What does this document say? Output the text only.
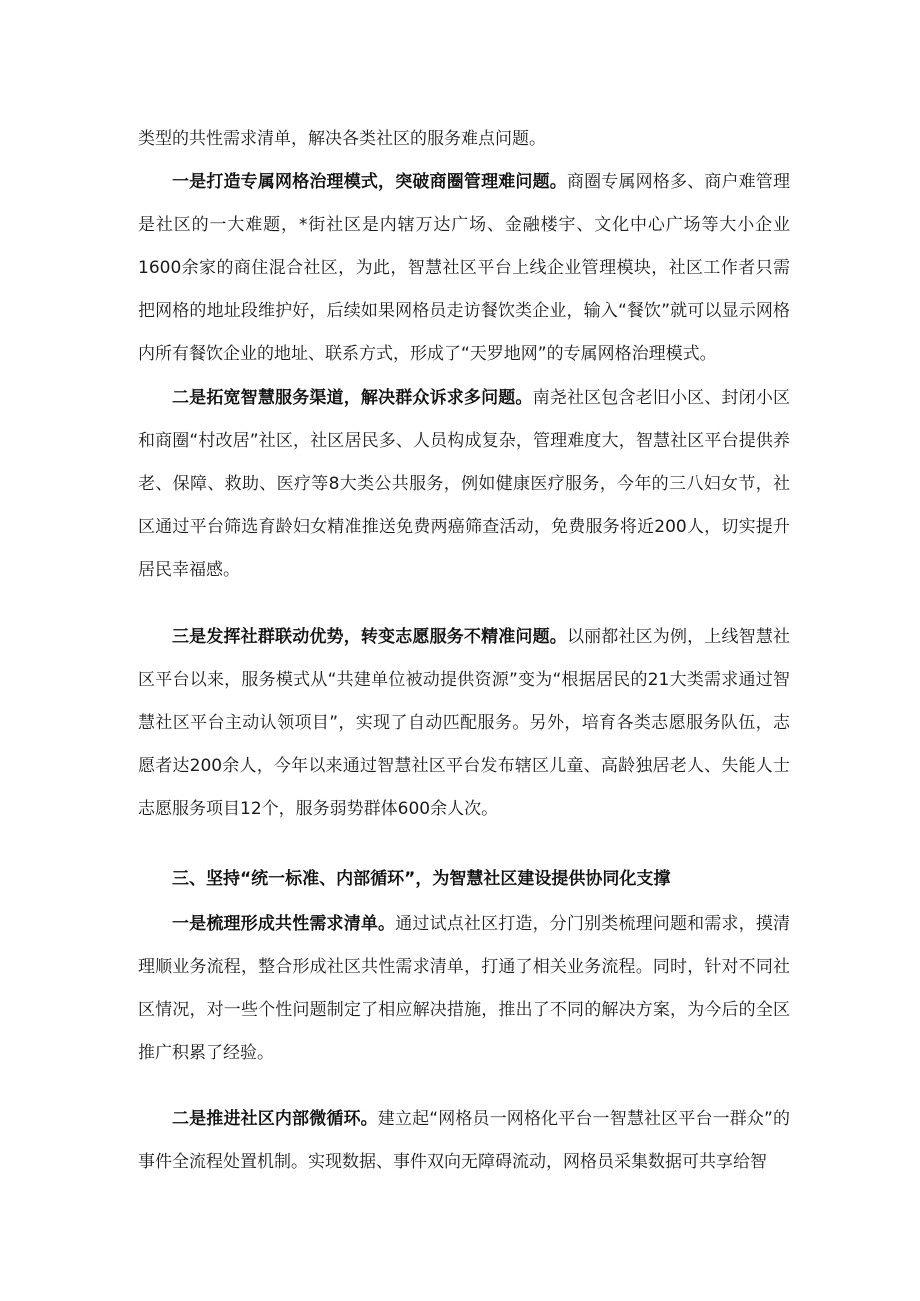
类型的共性需求清单，解决各类社区的服务难点问题。

一是打造专属网格治理模式，突破商圈管理难问题。商圈专属网格多、商户难管理是社区的一大难题，*街社区是内辖万达广场、金融楼宇、文化中心广场等大小企业1600余家的商住混合社区，为此，智慧社区平台上线企业管理模块，社区工作者只需把网格的地址段维护好，后续如果网格员走访餐饮类企业，输入“餐饮”就可以显示网格内所有餐饮企业的地址、联系方式，形成了“天罗地网”的专属网格治理模式。

二是拓宽智慧服务渠道，解决群众诉求多问题。南尧社区包含老旧小区、封闭小区和商圈“村改居”社区，社区居民多、人员构成复杂，管理难度大，智慧社区平台提供养老、保障、救助、医疗等8大类公共服务，例如健康医疗服务，今年的三八妇女节，社区通过平台筛选育龄妇女精准推送免费两癌筛查活动，免费服务将近200人，切实提升居民幸福感。

三是发挥社群联动优势，转变志愿服务不精准问题。以丽都社区为例，上线智慧社区平台以来，服务模式从“共建单位被动提供资源”变为“根据居民的21大类需求通过智慧社区平台主动认领项目”，实现了自动匹配服务。另外，培育各类志愿服务队伍，志愿者达200余人，今年以来通过智慧社区平台发布辖区儿童、高龄独居老人、失能人士志愿服务项目12个，服务弱势群体600余人次。

三、坚持“统一标准、内部循环”，为智慧社区建设提供协同化支撑

一是梳理形成共性需求清单。通过试点社区打造，分门别类梳理问题和需求，摸清理顺业务流程，整合形成社区共性需求清单，打通了相关业务流程。同时，针对不同社区情况，对一些个性问题制定了相应解决措施，推出了不同的解决方案，为今后的全区推广积累了经验。

二是推进社区内部微循环。建立起“网格员一网格化平台一智慧社区平台一群众”的事件全流程处置机制。实现数据、事件双向无障碍流动，网格员采集数据可共享给智
